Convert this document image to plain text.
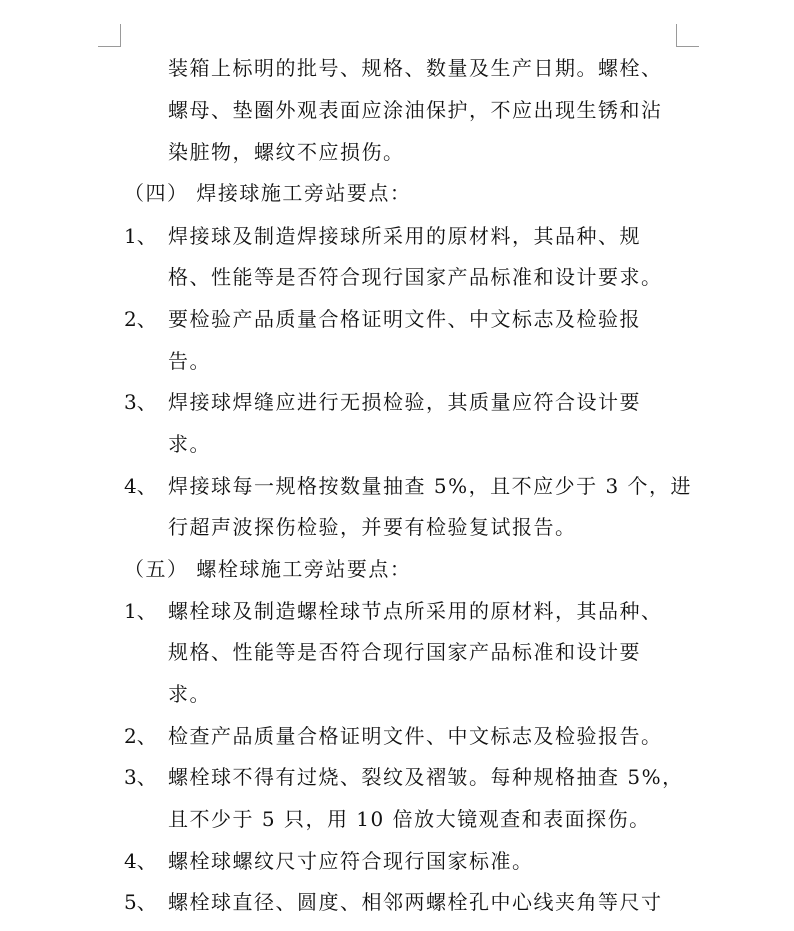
装箱上标明的批号、规格、数量及生产日期。螺栓、
螺母、垫圈外观表面应涂油保护，不应出现生锈和沾
染脏物，螺纹不应损伤。
（四） 焊接球施工旁站要点：
1、 焊接球及制造焊接球所采用的原材料，其品种、规
格、性能等是否符合现行国家产品标准和设计要求。
2、 要检验产品质量合格证明文件、中文标志及检验报
告。
3、 焊接球焊缝应进行无损检验，其质量应符合设计要
求。
4、 焊接球每一规格按数量抽查 5%，且不应少于 3 个，进
行超声波探伤检验，并要有检验复试报告。
（五） 螺栓球施工旁站要点：
1、 螺栓球及制造螺栓球节点所采用的原材料，其品种、
规格、性能等是否符合现行国家产品标准和设计要
求。
2、 检查产品质量合格证明文件、中文标志及检验报告。
3、 螺栓球不得有过烧、裂纹及褶皱。每种规格抽查 5%，
且不少于 5 只，用 10 倍放大镜观查和表面探伤。
4、 螺栓球螺纹尺寸应符合现行国家标准。
5、 螺栓球直径、圆度、相邻两螺栓孔中心线夹角等尺寸
